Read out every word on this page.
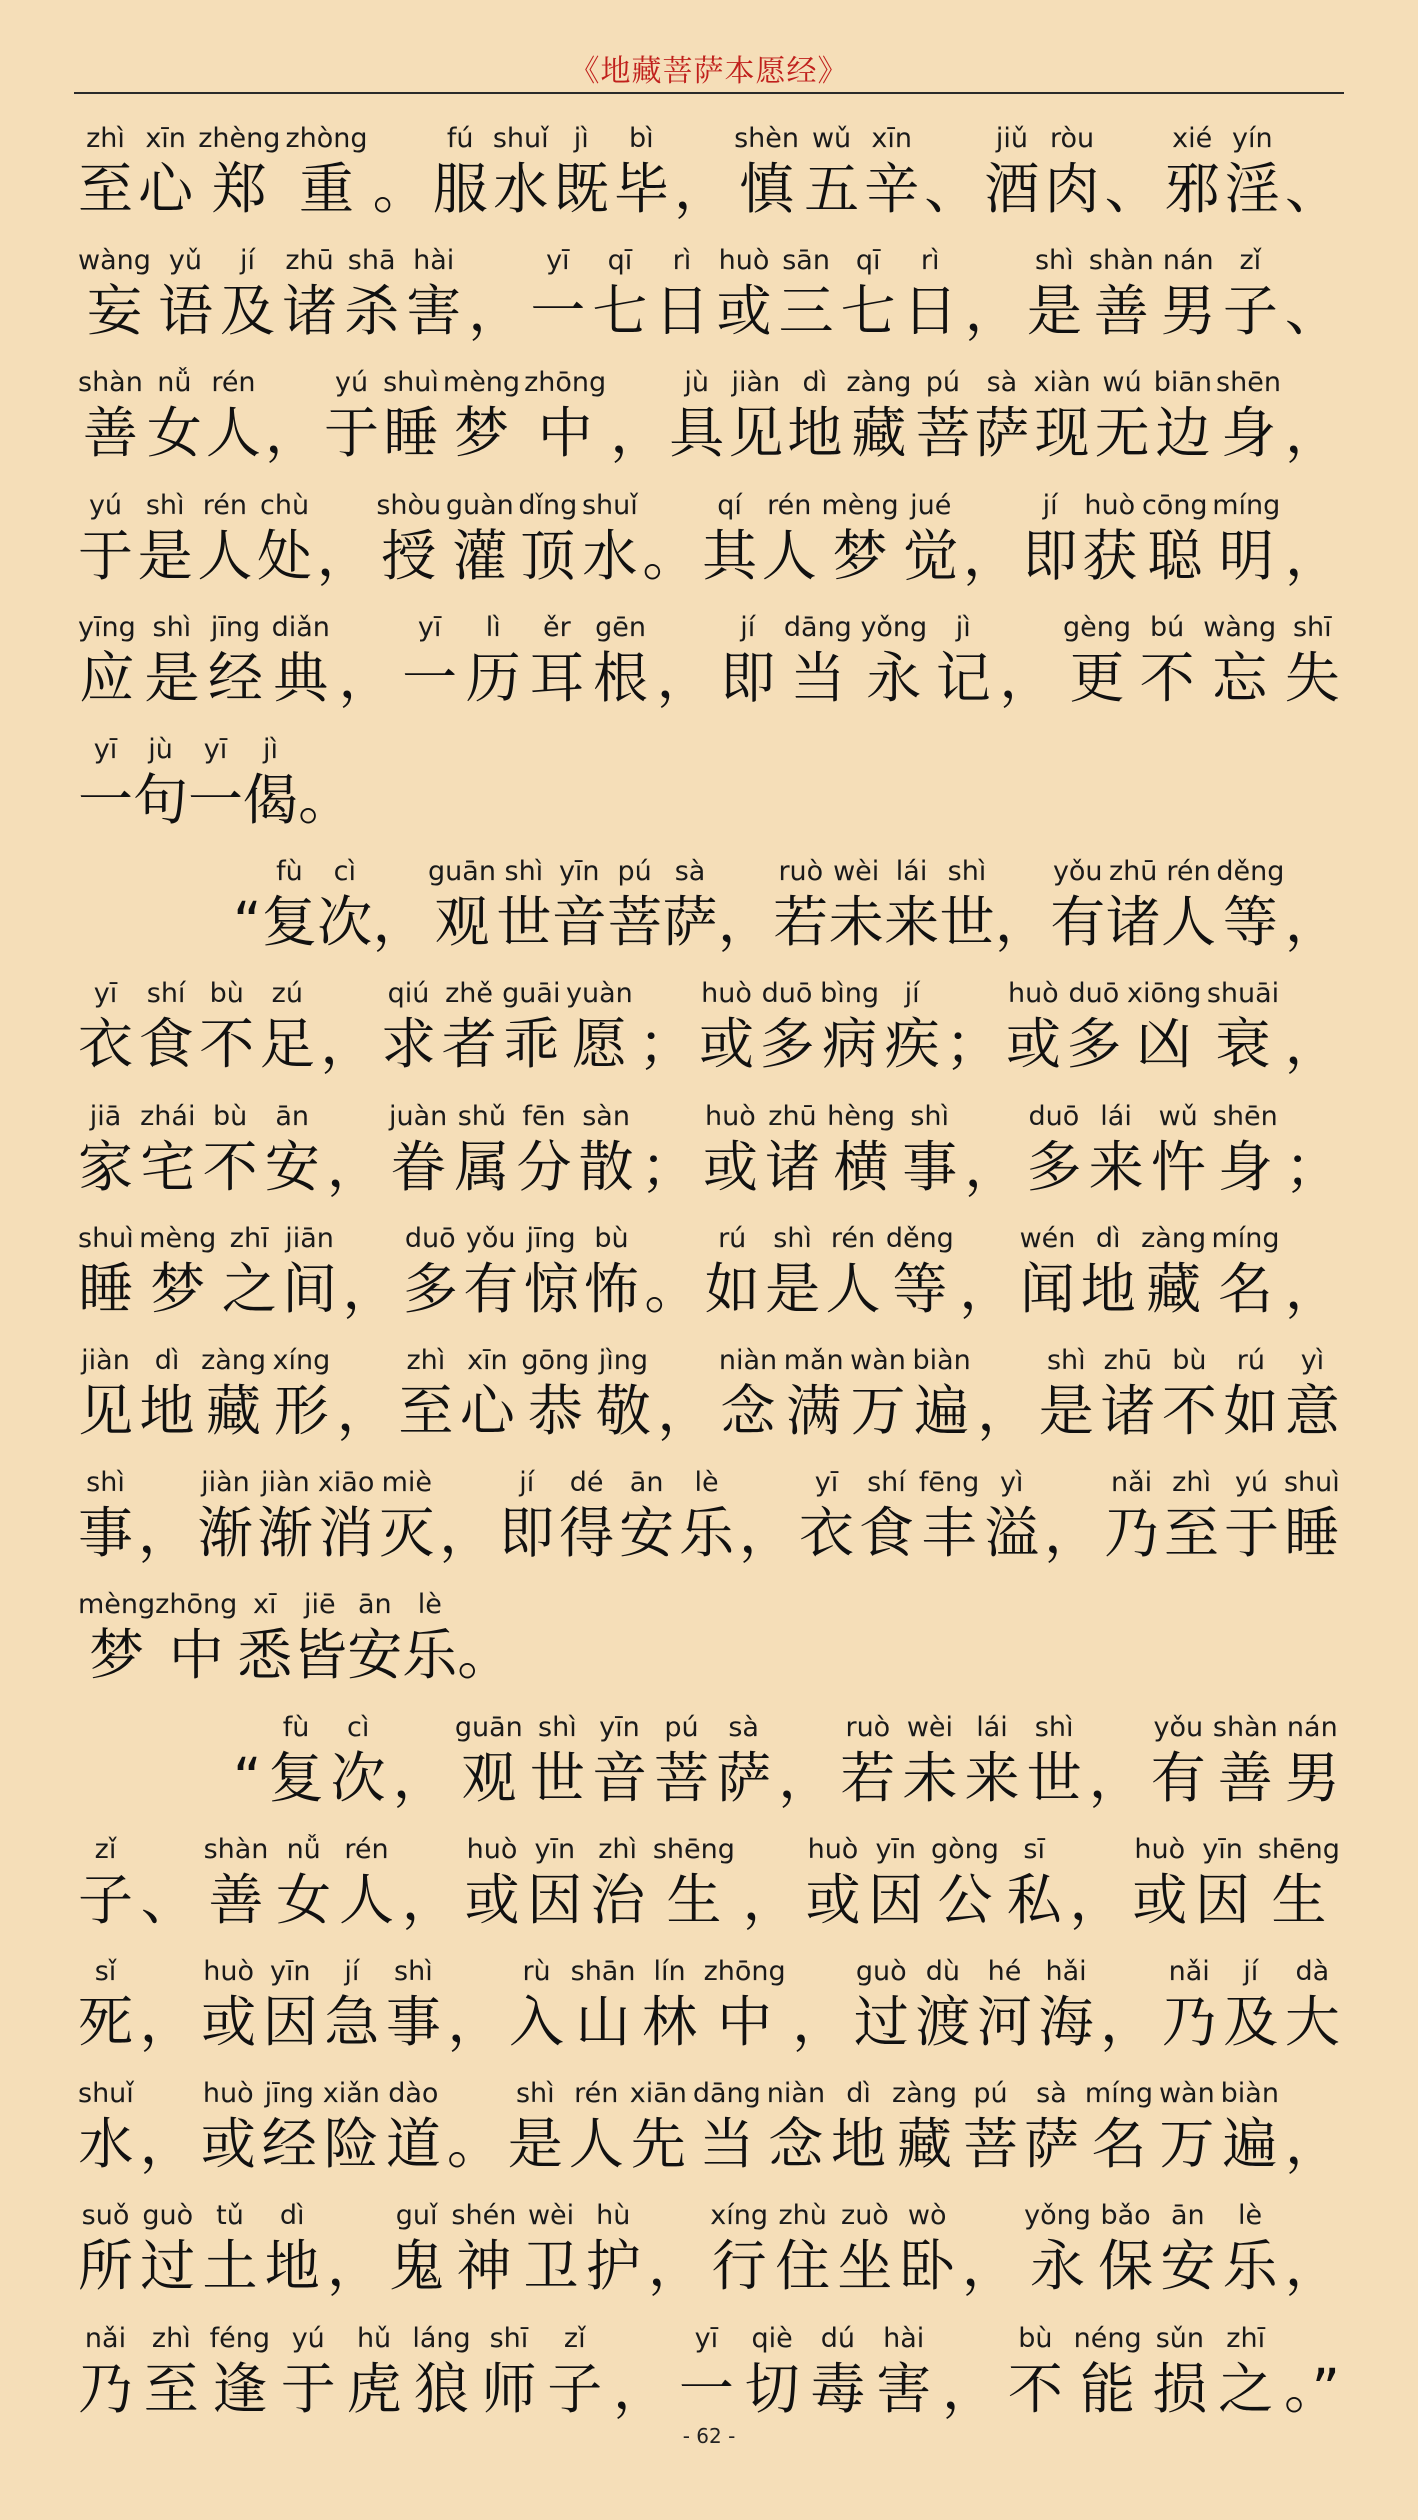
《地藏菩萨本愿经》
zhì
至
xīn
心
zhèng
郑
zhòng
重 。
fú
服
shuǐ
水
jì
既
bì
毕 ，
shèn
慎
wǔ
五
xīn
辛 、
jiǔ
酒
ròu
肉 、
xié
邪
yín
淫 、
wàng
妄
yǔ
语
jí
及
zhū
诸
shā
杀
hài
害 ，
yī
一
qī
七
rì
日
huò
或
sān
三
qī
七
rì
日 ，
shì
是
shàn
善
nán
男
zǐ
子 、
shàn
善
nǚ
女
rén
人 ，
yú
于
shuì
睡
mèng
梦
zhōng
中 ，
jù
具
jiàn
见
dì
地
zàng
藏
pú
菩
sà
萨
xiàn
现
wú
无
biān
边
shēn
身 ，
yú
于
shì
是
rén
人
chù
处 ，
shòu
授
guàn
灌
dǐng
顶
shuǐ
水 。
qí
其
rén
人
mèng
梦
jué
觉 ，
jí
即
huò
获
cōng
聪
míng
明 ，
yīng
应
shì
是
jīng
经
diǎn
典 ，
yī
一
lì
历
ěr
耳
gēn
根 ，
jí
即
dāng
当
yǒng
永
jì
记 ，
gèng
更
bú
不
wàng
忘
shī
失
yī
一
jù
句
yī
一
jì
偈 。
“
fù
复
cì
次 ，
guān
观
shì
世
yīn
音
pú
菩
sà
萨 ，
ruò
若
wèi
未
lái
来
shì
世 ，
yǒu
有
zhū
诸
rén
人
děng
等 ，
yī
衣
shí
食
bù
不
zú
足 ，
qiú
求
zhě
者
guāi
乖
yuàn
愿 ；
huò
或
duō
多
bìng
病
jí
疾 ；
huò
或
duō
多
xiōng
凶
shuāi
衰 ，
jiā
家
zhái
宅
bù
不
ān
安 ，
juàn
眷
shǔ
属
fēn
分
sàn
散 ；
huò
或
zhū
诸
hèng
横
shì
事 ，
duō
多
lái
来
wǔ
忤
shēn
身 ；
shuì
睡
mèng
梦
zhī
之
jiān
间 ，
duō
多
yǒu
有
jīng
惊
bù
怖 。
rú
如
shì
是
rén
人
děng
等 ，
wén
闻
dì
地
zàng
藏
míng
名 ，
jiàn
见
dì
地
zàng
藏
xíng
形 ，
zhì
至
xīn
心
gōng
恭
jìng
敬 ，
niàn
念
mǎn
满
wàn
万
biàn
遍 ，
shì
是
zhū
诸
bù
不
rú
如
yì
意
shì
事 ，
jiàn
渐
jiàn
渐
xiāo
消
miè
灭 ，
jí
即
dé
得
ān
安
lè
乐 ，
yī
衣
shí
食
fēng
丰
yì
溢 ，
nǎi
乃
zhì
至
yú
于
shuì
睡
mèng
梦
zhōng
中
xī
悉
jiē
皆
ān
安
lè
乐 。
“
fù
复
cì
次 ，
guān
观
shì
世
yīn
音
pú
菩
sà
萨 ，
ruò
若
wèi
未
lái
来
shì
世 ，
yǒu
有
shàn
善
nán
男
zǐ
子 、
shàn
善
nǚ
女
rén
人 ，
huò
或
yīn
因
zhì
治
shēng
生 ，
huò
或
yīn
因
gòng
公
sī
私 ，
huò
或
yīn
因
shēng
生
sǐ
死 ，
huò
或
yīn
因
jí
急
shì
事 ，
rù
入
shān
山
lín
林
zhōng
中 ，
guò
过
dù
渡
hé
河
hǎi
海 ，
nǎi
乃
jí
及
dà
大
shuǐ
水 ，
huò
或
jīng
经
xiǎn
险
dào
道 。
shì
是
rén
人
xiān
先
dāng
当
niàn
念
dì
地
zàng
藏
pú
菩
sà
萨
míng
名
wàn
万
biàn
遍 ，
suǒ
所
guò
过
tǔ
土
dì
地 ，
guǐ
鬼
shén
神
wèi
卫
hù
护 ，
xíng
行
zhù
住
zuò
坐
wò
卧 ，
yǒng
永
bǎo
保
ān
安
lè
乐 ，
nǎi
乃
zhì
至
féng
逢
yú
于
hǔ
虎
láng
狼
shī
师
zǐ
子 ，
yī
一
qiè
切
dú
毒
hài
害 ，
bù
不
néng
能
sǔn
损
zhī
之 。”
- 62 -
